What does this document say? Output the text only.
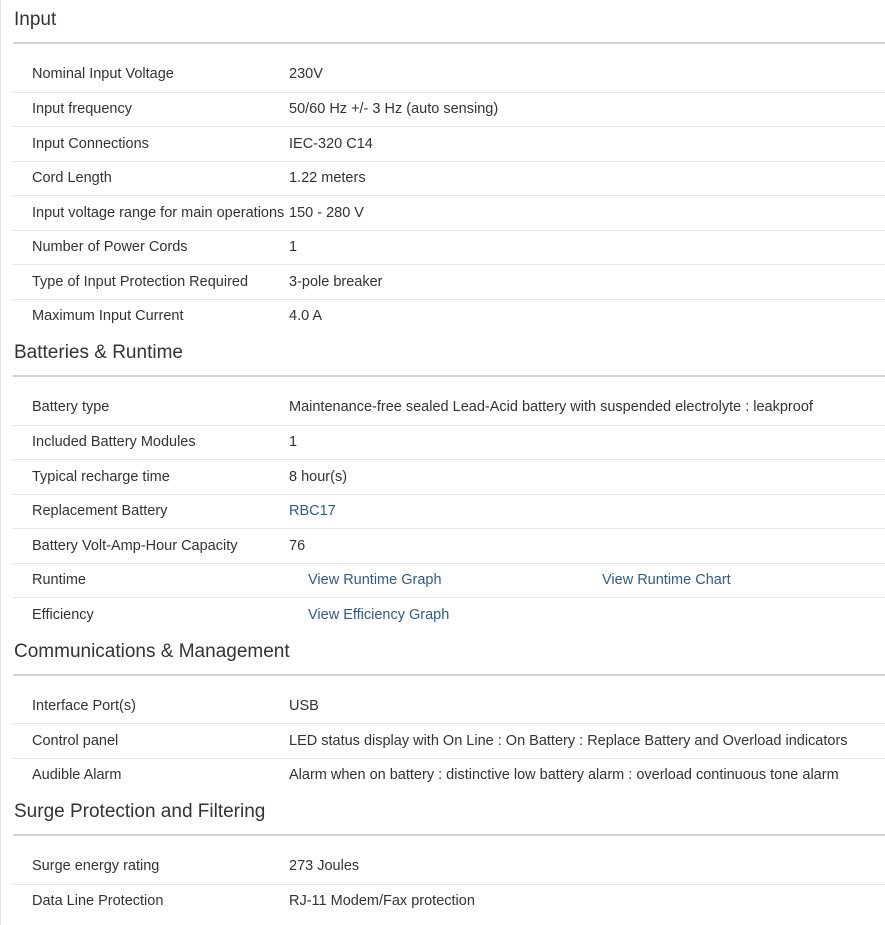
Input
Nominal Input Voltage	230V
Input frequency	50/60 Hz +/- 3 Hz (auto sensing)
Input Connections	IEC-320 C14
Cord Length	1.22 meters
Input voltage range for main operations 150 - 280 V
Number of Power Cords	1
Type of Input Protection Required	3-pole breaker
Maximum Input Current	4.0 A
Batteries & Runtime
Battery type	Maintenance-free sealed Lead-Acid battery with suspended electrolyte : leakproof
Included Battery Modules	1
Typical recharge time	8 hour(s)
Replacement Battery	RBC17
Battery Volt-Amp-Hour Capacity	76
Runtime	View Runtime Graph	View Runtime Chart
Efficiency	View Efficiency Graph
Communications & Management
Interface Port(s)	USB
Control panel	LED status display with On Line : On Battery : Replace Battery and Overload indicators
Audible Alarm	Alarm when on battery : distinctive low battery alarm : overload continuous tone alarm
Surge Protection and Filtering
Surge energy rating	273 Joules
Data Line Protection	RJ-11 Modem/Fax protection
